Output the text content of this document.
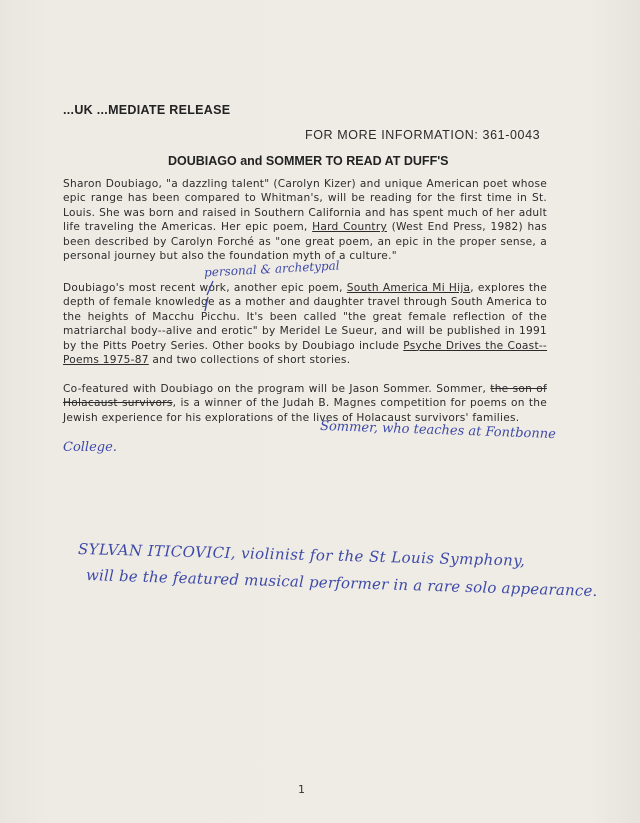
...UK ...MEDIATE RELEASE
FOR MORE INFORMATION: 361-0043
DOUBIAGO and SOMMER TO READ AT DUFF'S
Sharon Doubiago, "a dazzling talent" (Carolyn Kizer) and unique American poet whose epic range has been compared to Whitman's, will be reading for the first time in St. Louis. She was born and raised in Southern California and has spent much of her adult life traveling the Americas. Her epic poem, Hard Country (West End Press, 1982) has been described by Carolyn Forché as "one great poem, an epic in the proper sense, a personal journey but also the foundation myth of a culture."
Doubiago's most recent work, another epic poem, South America Mi Hija, explores the depth of female knowledge as a mother and daughter travel through South America to the heights of Macchu Picchu. It's been called "the great female reflection of the matriarchal body--alive and erotic" by Meridel Le Sueur, and will be published in 1991 by the Pitts Poetry Series. Other books by Doubiago include Psyche Drives the Coast--Poems 1975-87 and two collections of short stories.
Co-featured with Doubiago on the program will be Jason Sommer. Sommer, the son of Holacaust survivors, is a winner of the Judah B. Magnes competition for poems on the Jewish experience for his explorations of the lives of Holacaust survivors' families.
personal & archetypal
Sommer, who teaches at Fontbonne
College.
SYLVAN ITICOVICI, violinist for the St Louis Symphony,
will be the featured musical performer in a rare solo appearance.
1
